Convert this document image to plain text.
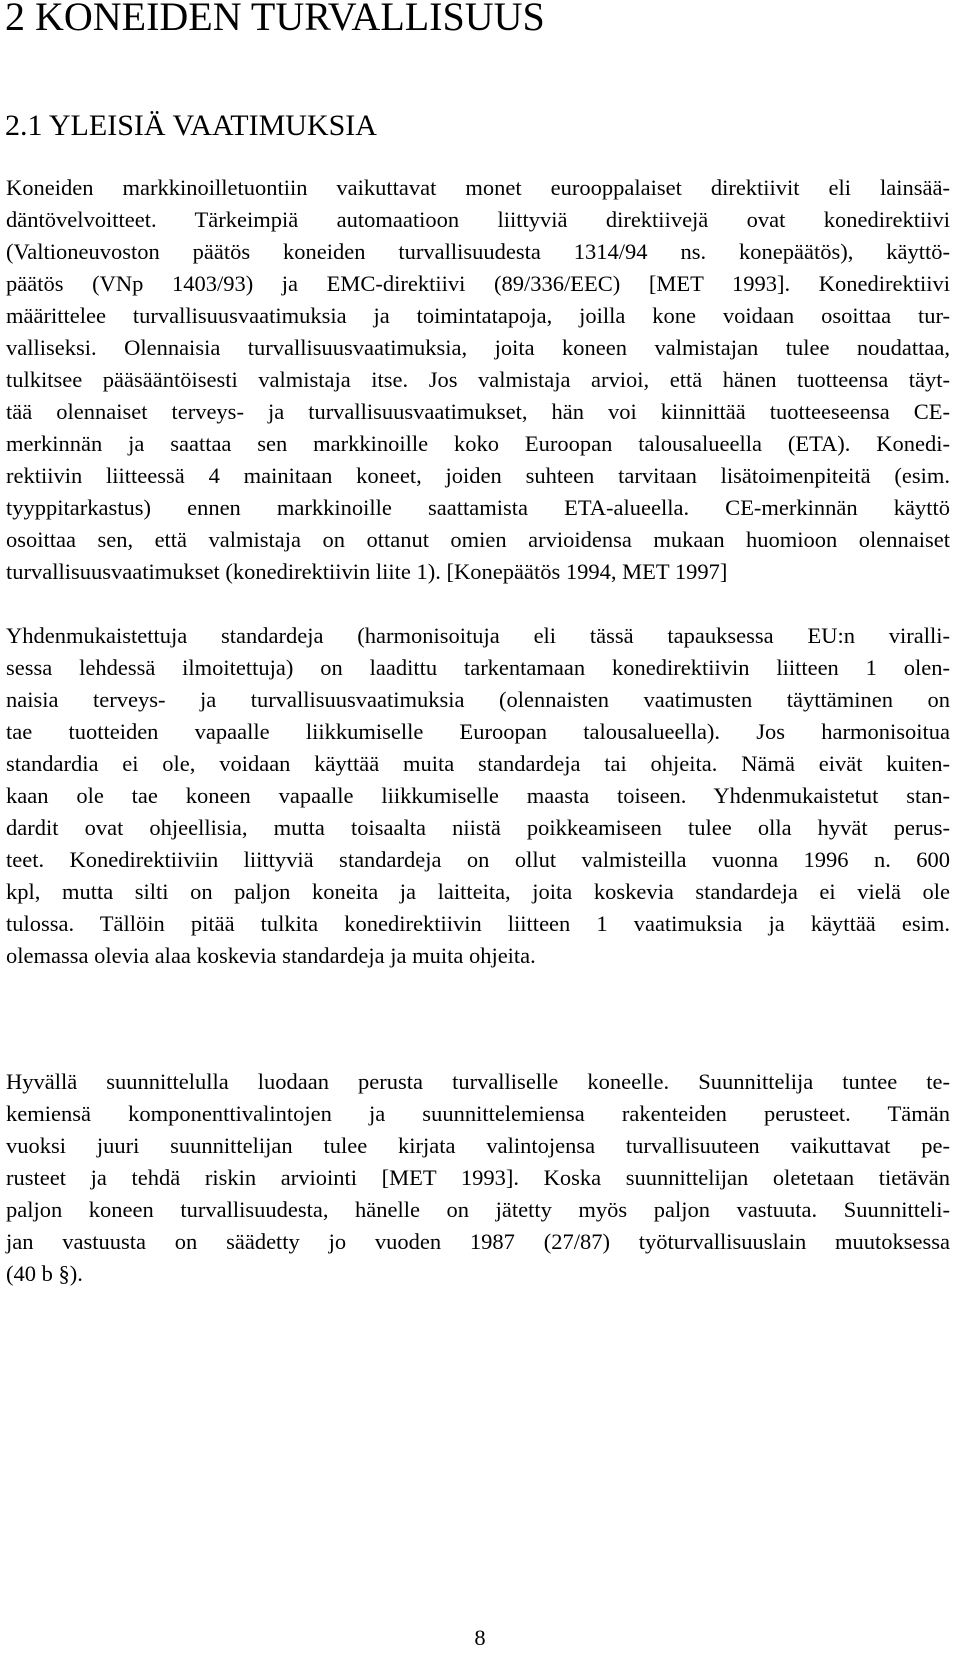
2 KONEIDEN TURVALLISUUS
2.1 YLEISIÄ VAATIMUKSIA
Koneiden markkinoilletuontiin vaikuttavat monet eurooppalaiset direktiivit eli lainsää-
däntövelvoitteet. Tärkeimpiä automaatioon liittyviä direktiivejä ovat konedirektiivi
(Valtioneuvoston päätös koneiden turvallisuudesta 1314/94 ns. konepäätös), käyttö-
päätös (VNp 1403/93) ja EMC-direktiivi (89/336/EEC) [MET 1993]. Konedirektiivi
määrittelee turvallisuusvaatimuksia ja toimintatapoja, joilla kone voidaan osoittaa tur-
valliseksi. Olennaisia turvallisuusvaatimuksia, joita koneen valmistajan tulee noudattaa,
tulkitsee pääsääntöisesti valmistaja itse. Jos valmistaja arvioi, että hänen tuotteensa täyt-
tää olennaiset terveys- ja turvallisuusvaatimukset, hän voi kiinnittää tuotteeseensa CE-
merkinnän ja saattaa sen markkinoille koko Euroopan talousalueella (ETA). Konedi-
rektiivin liitteessä 4 mainitaan koneet, joiden suhteen tarvitaan lisätoimenpiteitä (esim.
tyyppitarkastus) ennen markkinoille saattamista ETA-alueella. CE-merkinnän käyttö
osoittaa sen, että valmistaja on ottanut omien arvioidensa mukaan huomioon olennaiset
turvallisuusvaatimukset (konedirektiivin liite 1). [Konepäätös 1994, MET 1997]
Yhdenmukaistettuja standardeja (harmonisoituja eli tässä tapauksessa EU:n viralli-
sessa lehdessä ilmoitettuja) on laadittu tarkentamaan konedirektiivin liitteen 1 olen-
naisia terveys- ja turvallisuusvaatimuksia (olennaisten vaatimusten täyttäminen on
tae tuotteiden vapaalle liikkumiselle Euroopan talousalueella). Jos harmonisoitua
standardia ei ole, voidaan käyttää muita standardeja tai ohjeita. Nämä eivät kuiten-
kaan ole tae koneen vapaalle liikkumiselle maasta toiseen. Yhdenmukaistetut stan-
dardit ovat ohjeellisia, mutta toisaalta niistä poikkeamiseen tulee olla hyvät perus-
teet. Konedirektiiviin liittyviä standardeja on ollut valmisteilla vuonna 1996 n. 600
kpl, mutta silti on paljon koneita ja laitteita, joita koskevia standardeja ei vielä ole
tulossa. Tällöin pitää tulkita konedirektiivin liitteen 1 vaatimuksia ja käyttää esim.
olemassa olevia alaa koskevia standardeja ja muita ohjeita.
Hyvällä suunnittelulla luodaan perusta turvalliselle koneelle. Suunnittelija tuntee te-
kemiensä komponenttivalintojen ja suunnittelemiensa rakenteiden perusteet. Tämän
vuoksi juuri suunnittelijan tulee kirjata valintojensa turvallisuuteen vaikuttavat pe-
rusteet ja tehdä riskin arviointi [MET 1993]. Koska suunnittelijan oletetaan tietävän
paljon koneen turvallisuudesta, hänelle on jätetty myös paljon vastuuta. Suunnitteli-
jan vastuusta on säädetty jo vuoden 1987 (27/87) työturvallisuuslain muutoksessa
(40 b §).
8
